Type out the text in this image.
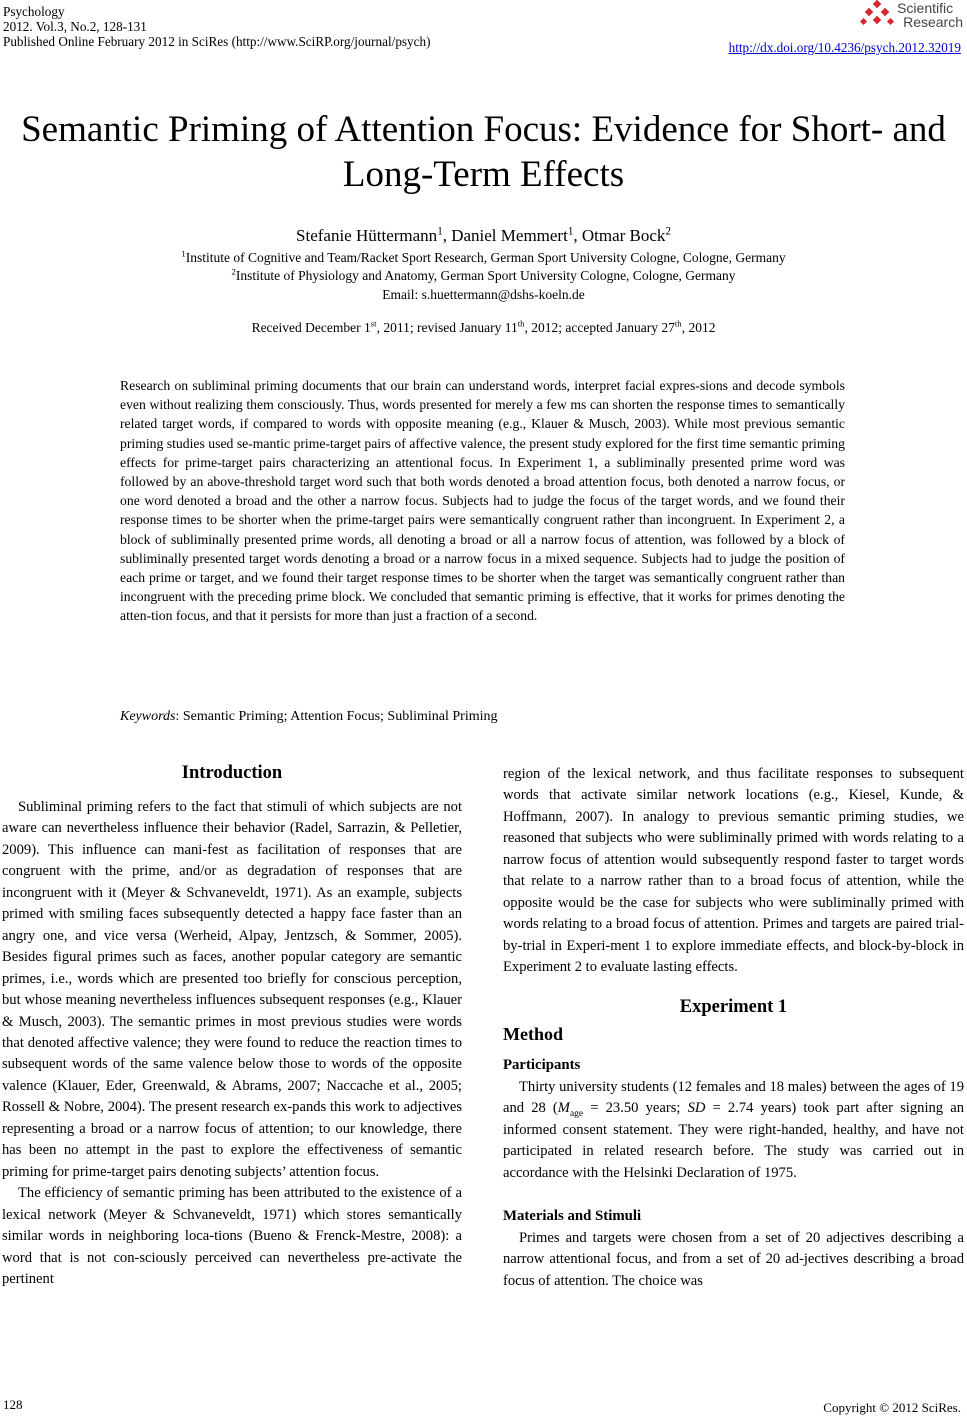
Psychology
2012. Vol.3, No.2, 128-131
Published Online February 2012 in SciRes (http://www.SciRP.org/journal/psych)
Scientific
Research
http://dx.doi.org/10.4236/psych.2012.32019
Semantic Priming of Attention Focus: Evidence for Short- and Long-Term Effects
Stefanie Hüttermann$^1$, Daniel Memmert$^1$, Otmar Bock$^2$
$^1$Institute of Cognitive and Team/Racket Sport Research, German Sport University Cologne, Cologne, Germany
$^2$Institute of Physiology and Anatomy, German Sport University Cologne, Cologne, Germany
Email: s.huettermann@dshs-koeln.de
Received December 1st, 2011; revised January 11th, 2012; accepted January 27th, 2012
Research on subliminal priming documents that our brain can understand words, interpret facial expres-sions and decode symbols even without realizing them consciously. Thus, words presented for merely a few ms can shorten the response times to semantically related target words, if compared to words with opposite meaning (e.g., Klauer & Musch, 2003). While most previous semantic priming studies used se-mantic prime-target pairs of affective valence, the present study explored for the first time semantic priming effects for prime-target pairs characterizing an attentional focus. In Experiment 1, a subliminally presented prime word was followed by an above-threshold target word such that both words denoted a broad attention focus, both denoted a narrow focus, or one word denoted a broad and the other a narrow focus. Subjects had to judge the focus of the target words, and we found their response times to be shorter when the prime-target pairs were semantically congruent rather than incongruent. In Experiment 2, a block of subliminally presented prime words, all denoting a broad or all a narrow focus of attention, was followed by a block of subliminally presented target words denoting a broad or a narrow focus in a mixed sequence. Subjects had to judge the position of each prime or target, and we found their target response times to be shorter when the target was semantically congruent rather than incongruent with the preceding prime block. We concluded that semantic priming is effective, that it works for primes denoting the atten-tion focus, and that it persists for more than just a fraction of a second.
Keywords: Semantic Priming; Attention Focus; Subliminal Priming
Introduction

Subliminal priming refers to the fact that stimuli of which subjects are not aware can nevertheless influence their behavior (Radel, Sarrazin, & Pelletier, 2009). This influence can mani-fest as facilitation of responses that are congruent with the prime, and/or as degradation of responses that are incongruent with it (Meyer & Schvaneveldt, 1971). As an example, subjects primed with smiling faces subsequently detected a happy face faster than an angry one, and vice versa (Werheid, Alpay, Jentzsch, & Sommer, 2005). Besides figural primes such as faces, another popular category are semantic primes, i.e., words which are presented too briefly for conscious perception, but whose meaning nevertheless influences subsequent responses (e.g., Klauer & Musch, 2003). The semantic primes in most previous studies were words that denoted affective valence; they were found to reduce the reaction times to subsequent words of the same valence below those to words of the opposite valence (Klauer, Eder, Greenwald, & Abrams, 2007; Naccache et al., 2005; Rossell & Nobre, 2004). The present research ex-pands this work to adjectives representing a broad or a narrow focus of attention; to our knowledge, there has been no attempt in the past to explore the effectiveness of semantic priming for prime-target pairs denoting subjects’ attention focus.

The efficiency of semantic priming has been attributed to the existence of a lexical network (Meyer & Schvaneveldt, 1971) which stores semantically similar words in neighboring loca-tions (Bueno & Frenck-Mestre, 2008): a word that is not con-sciously perceived can nevertheless pre-activate the pertinent

region of the lexical network, and thus facilitate responses to subsequent words that activate similar network locations (e.g., Kiesel, Kunde, & Hoffmann, 2007). In analogy to previous semantic priming studies, we reasoned that subjects who were subliminally primed with words relating to a narrow focus of attention would subsequently respond faster to target words that relate to a narrow rather than to a broad focus of attention, while the opposite would be the case for subjects who were subliminally primed with words relating to a broad focus of attention. Primes and targets are paired trial-by-trial in Experi-ment 1 to explore immediate effects, and block-by-block in Experiment 2 to evaluate lasting effects.

Experiment 1
Method
Participants

Thirty university students (12 females and 18 males) between the ages of 19 and 28 ($M_{age} = 23.50$ years; SD = 2.74 years) took part after signing an informed consent statement. They were right-handed, healthy, and have not participated in related research before. The study was carried out in accordance with the Helsinki Declaration of 1975.

Materials and Stimuli

Primes and targets were chosen from a set of 20 adjectives describing a narrow attentional focus, and from a set of 20 ad-jectives describing a broad focus of attention. The choice was

128	Copyright © 2012 SciRes.
